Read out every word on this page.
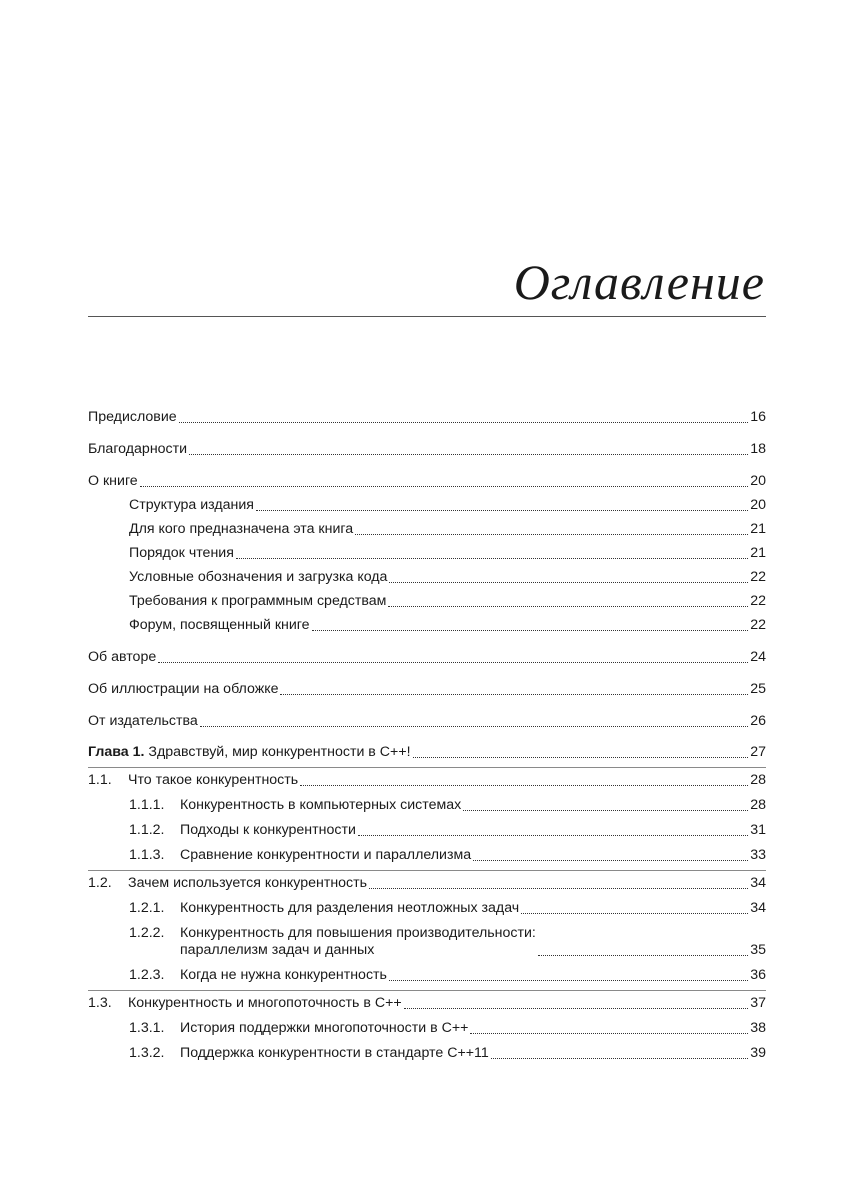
Оглавление
Предисловие	16
Благодарности	18
О книге	20
Структура издания	20
Для кого предназначена эта книга	21
Порядок чтения	21
Условные обозначения и загрузка кода	22
Требования к программным средствам	22
Форум, посвященный книге	22
Об авторе	24
Об иллюстрации на обложке	25
От издательства	26
Глава 1. Здравствуй, мир конкурентности в C++!	27
1.1.	Что такое конкурентность	28
1.1.1.	Конкурентность в компьютерных системах	28
1.1.2.	Подходы к конкурентности	31
1.1.3.	Сравнение конкурентности и параллелизма	33
1.2.	Зачем используется конкурентность	34
1.2.1.	Конкурентность для разделения неотложных задач	34
1.2.2.	Конкурентность для повышения производительности:
параллелизм задач и данных	35
1.2.3.	Когда не нужна конкурентность	36
1.3.	Конкурентность и многопоточность в C++	37
1.3.1.	История поддержки многопоточности в C++	38
1.3.2.	Поддержка конкурентности в стандарте C++11	39
